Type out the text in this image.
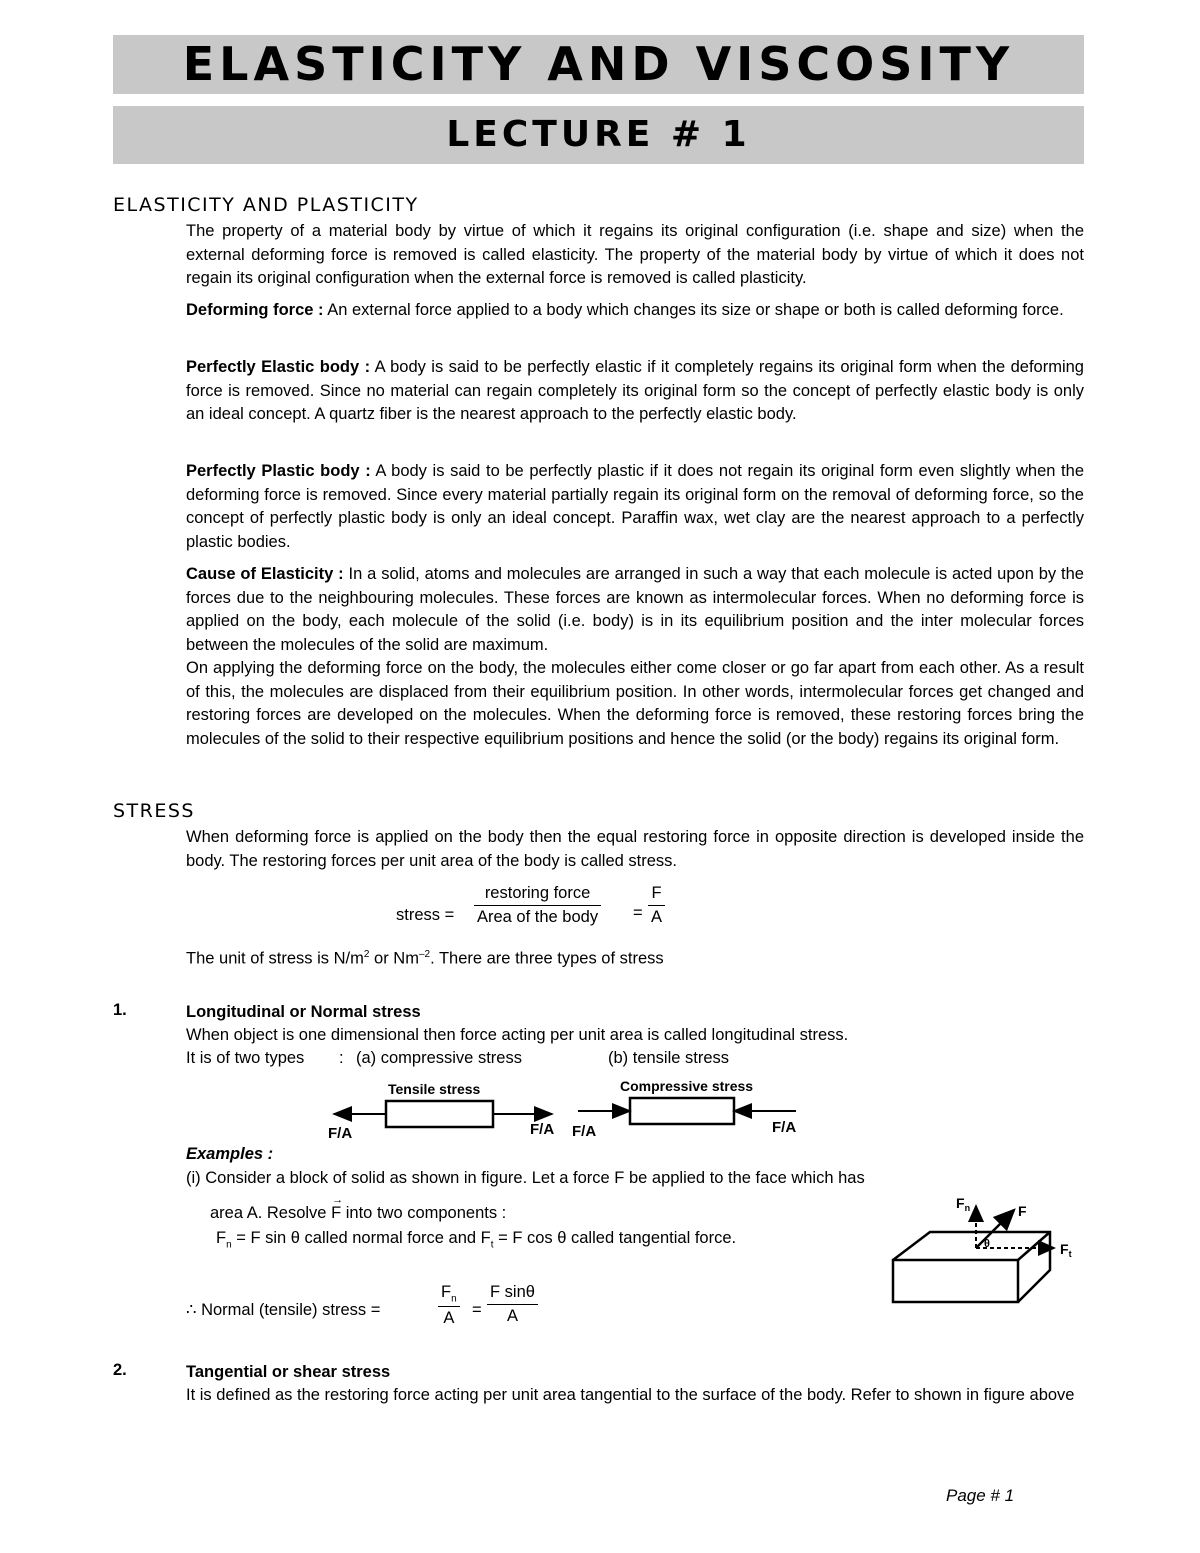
ELASTICITY AND VISCOSITY
LECTURE # 1
ELASTICITY AND PLASTICITY

The property of a material body by virtue of which it regains its original configuration (i.e. shape and size) when the external deforming force is removed is called elasticity. The property of the material body by virtue of which it does not regain its original configuration when the external force is removed is called plasticity.

Deforming force : An external force applied to a body which changes its size or shape or both is called deforming force.

Perfectly Elastic body : A body is said to be perfectly elastic if it completely regains its original form when the deforming force is removed. Since no material can regain completely its original form so the concept of perfectly elastic body is only an ideal concept. A quartz fiber is the nearest approach to the perfectly elastic body.

Perfectly Plastic body : A body is said to be perfectly plastic if it does not regain its original form even slightly when the deforming force is removed. Since every material partially regain its original form on the removal of deforming force, so the concept of perfectly plastic body is only an ideal concept. Paraffin wax, wet clay are the nearest approach to a perfectly plastic bodies.

Cause of Elasticity : In a solid, atoms and molecules are arranged in such a way that each molecule is acted upon by the forces due to the neighbouring molecules. These forces are known as intermolecular forces. When no deforming force is applied on the body, each molecule of the solid (i.e. body) is in its equilibrium position and the inter molecular forces between the molecules of the solid are maximum.

On applying the deforming force on the body, the molecules either come closer or go far apart from each other. As a result of this, the molecules are displaced from their equilibrium position. In other words, intermolecular forces get changed and restoring forces are developed on the molecules. When the deforming force is removed, these restoring forces bring the molecules of the solid to their respective equilibrium positions and hence the solid (or the body) regains its original form.

STRESS

When deforming force is applied on the body then the equal restoring force in opposite direction is developed inside the body. The restoring forces per unit area of the body is called stress.

stress =
restoring force
Area of the body = $\frac{F}{A}$
The unit of stress is $N/m^2$ or $Nm^{-2}$. There are three types of stress
1.	Longitudinal or Normal stress
When object is one dimensional then force acting per unit area is called longitudinal stress.
It is of two types : (a) compressive stress	(b) tensile stress
Tensile stress
F/A	F/A
Compressive stress
F/A	F/A
Examples :
(i) Consider a block of solid as shown in figure. Let a force F be applied to the face which has
area A. Resolve
→
F into two components :
$F_n = F$ sin θ called normal force and $F_t = F$ cos θ called tangential force.	θ
$F_n$	F
$F_t$
∴ Normal (tensile) stress =	$\frac{F_n}{A} = \frac{\text{F sinθ}}{A}$
2.	Tangential or shear stress

It is defined as the restoring force acting per unit area tangential to the surface of the body. Refer to shown in figure above

Page # 1
